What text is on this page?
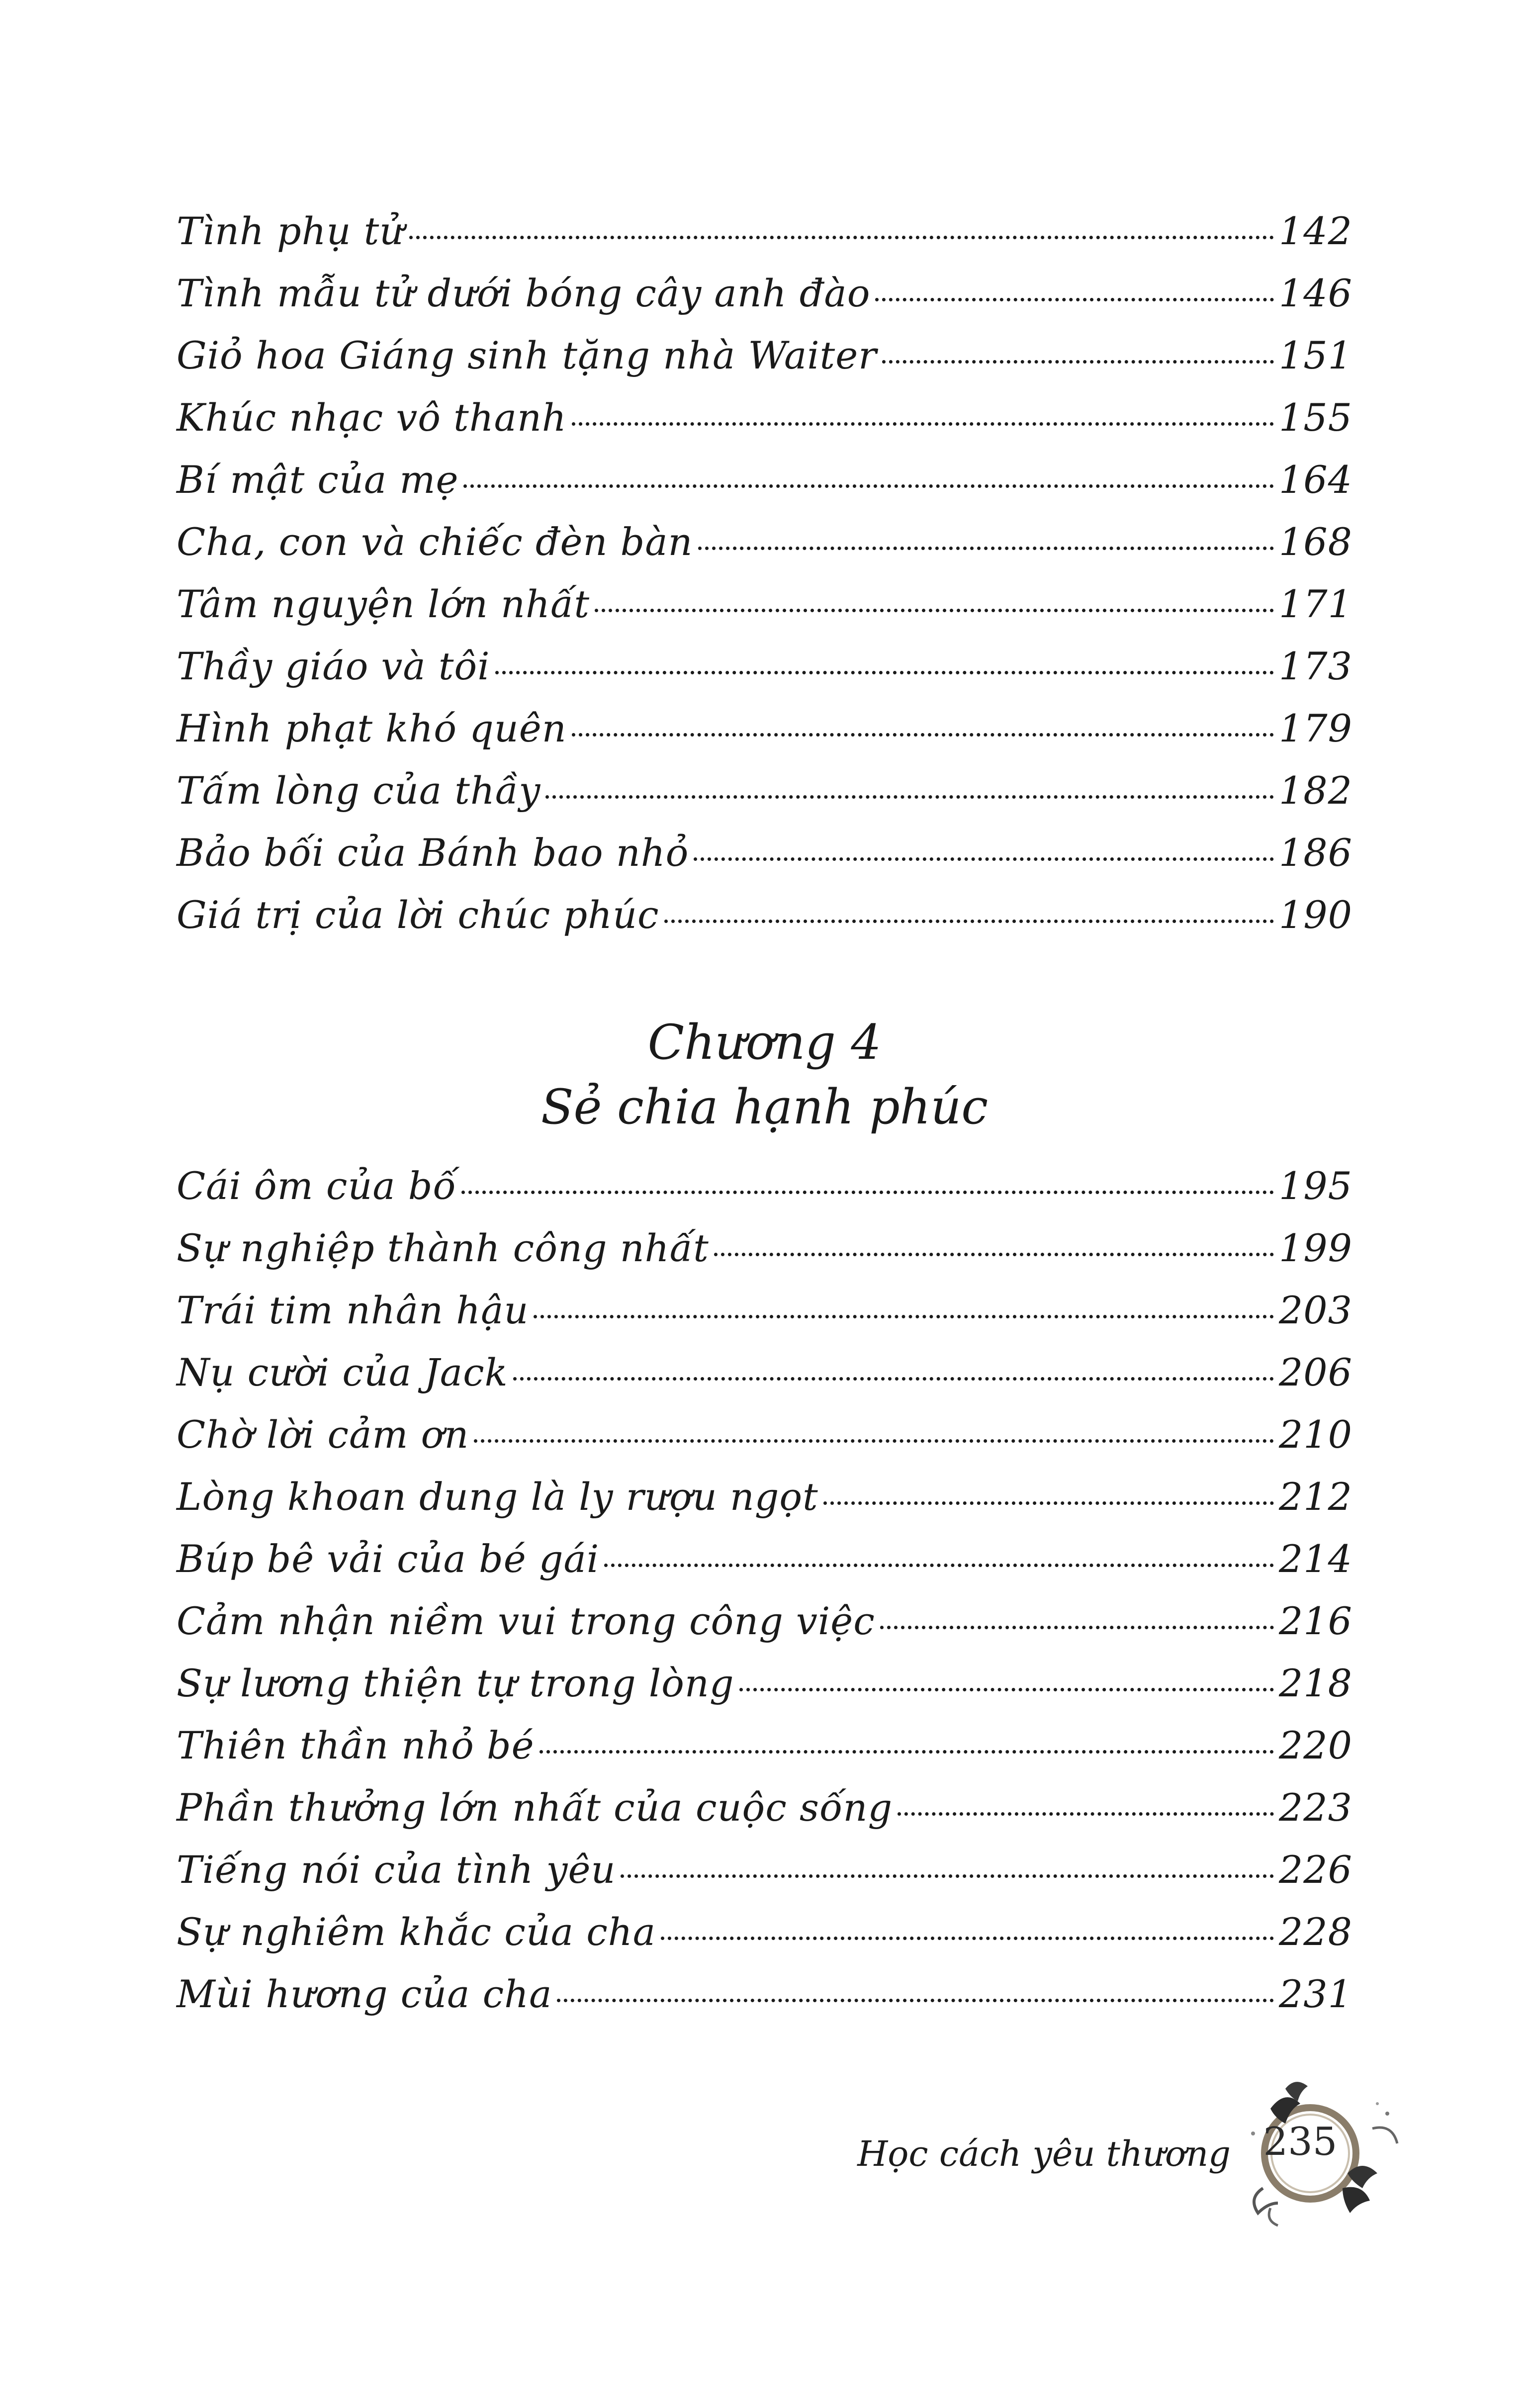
Tình phụ tử	142
Tình mẫu tử dưới bóng cây anh đào	146
Giỏ hoa Giáng sinh tặng nhà Waiter	151
Khúc nhạc vô thanh	155
Bí mật của mẹ	164
Cha, con và chiếc đèn bàn	168
Tâm nguyện lớn nhất	171
Thầy giáo và tôi	173
Hình phạt khó quên	179
Tấm lòng của thầy	182
Bảo bối của Bánh bao nhỏ	186
Giá trị của lời chúc phúc	190
Chương 4
Sẻ chia hạnh phúc
Cái ôm của bố	195
Sự nghiệp thành công nhất	199
Trái tim nhân hậu	203
Nụ cười của Jack	206
Chờ lời cảm ơn	210
Lòng khoan dung là ly rượu ngọt	212
Búp bê vải của bé gái	214
Cảm nhận niềm vui trong công việc	216
Sự lương thiện tự trong lòng	218
Thiên thần nhỏ bé	220
Phần thưởng lớn nhất của cuộc sống	223
Tiếng nói của tình yêu	226
Sự nghiêm khắc của cha	228
Mùi hương của cha	231
Học cách yêu thương 235
